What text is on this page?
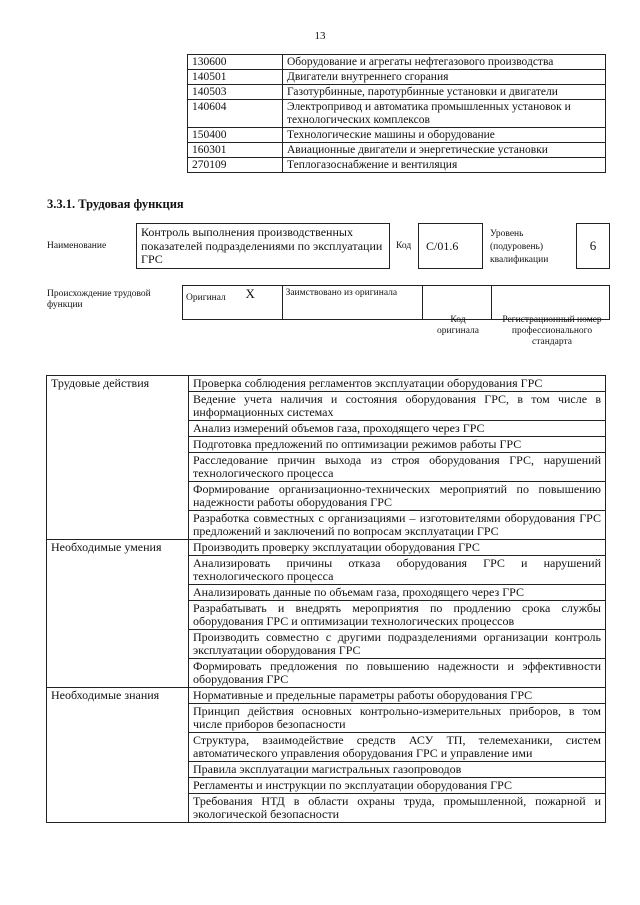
13
	130600	Оборудование и агрегаты нефтегазового производства
	140501	Двигатели внутреннего сгорания
	140503	Газотурбинные, паротурбинные установки и двигатели
	140604	Электропривод и автоматика промышленных установок и технологических комплексов
	150400	Технологические машины и оборудование
	160301	Авиационные двигатели и энергетические установки
	270109	Теплогазоснабжение и вентиляция
3.3.1. Трудовая функция
Наименование
Контроль выполнения производственных показателей подразделениями по эксплуатации ГРС
Код	С/01.6
Уровень (подуровень) квалификации
6
Происхождение трудовой функции
Оригинал	X	Заимствовано из оригинала		
Код оригинала
Регистрационный номер профессионального стандарта
Трудовые действия	Проверка соблюдения регламентов эксплуатации оборудования ГРС
	Ведение учета наличия и состояния оборудования ГРС, в том числе в информационных системах
	Анализ измерений объемов газа, проходящего через ГРС
	Подготовка предложений по оптимизации режимов работы ГРС
	Расследование причин выхода из строя оборудования ГРС, нарушений технологического процесса
	Формирование организационно-технических мероприятий по повышению надежности работы оборудования ГРС
	Разработка совместных с организациями – изготовителями оборудования ГРС предложений и заключений по вопросам эксплуатации ГРС
Необходимые умения	Производить проверку эксплуатации оборудования ГРС
	Анализировать причины отказа оборудования ГРС и нарушений технологического процесса
	Анализировать данные по объемам газа, проходящего через ГРС
	Разрабатывать и внедрять мероприятия по продлению срока службы оборудования ГРС и оптимизации технологических процессов
	Производить совместно с другими подразделениями организации контроль эксплуатации оборудования ГРС
	Формировать предложения по повышению надежности и эффективности оборудования ГРС
Необходимые знания	Нормативные и предельные параметры работы оборудования ГРС
	Принцип действия основных контрольно-измерительных приборов, в том числе приборов безопасности
	Структура, взаимодействие средств АСУ ТП, телемеханики, систем автоматического управления оборудования ГРС и управление ими
	Правила эксплуатации магистральных газопроводов
	Регламенты и инструкции по эксплуатации оборудования ГРС
	Требования НТД в области охраны труда, промышленной, пожарной и экологической безопасности
